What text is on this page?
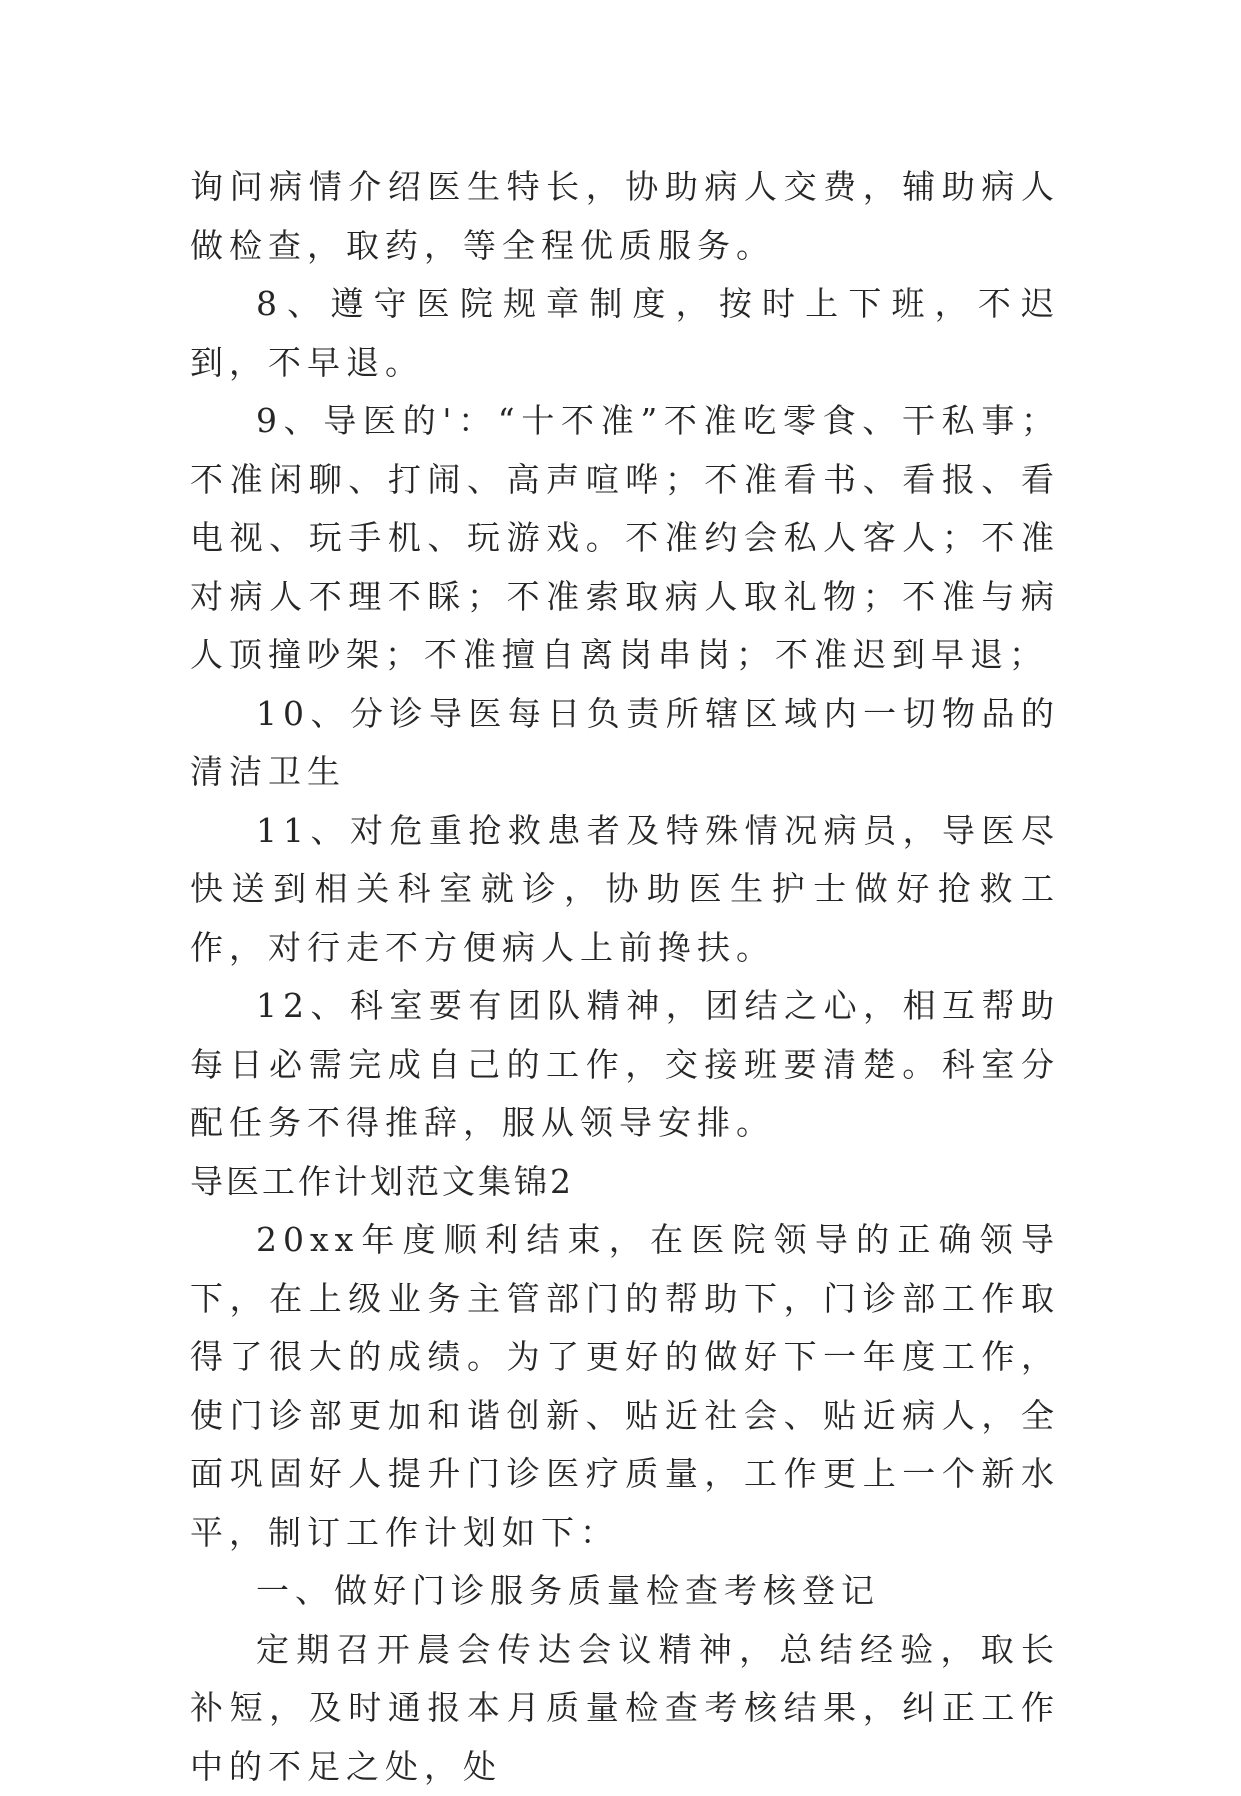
询问病情介绍医生特长，协助病人交费，辅助病人做检查，取药，等全程优质服务。

8、遵守医院规章制度，按时上下班，不迟到，不早退。

9、导医的'：“十不准”不准吃零食、干私事；不准闲聊、打闹、高声喧哗；不准看书、看报、看电视、玩手机、玩游戏。不准约会私人客人；不准对病人不理不睬；不准索取病人取礼物；不准与病人顶撞吵架；不准擅自离岗串岗；不准迟到早退；

10、分诊导医每日负责所辖区域内一切物品的清洁卫生

11、对危重抢救患者及特殊情况病员，导医尽快送到相关科室就诊，协助医生护士做好抢救工作，对行走不方便病人上前搀扶。

12、科室要有团队精神，团结之心，相互帮助每日必需完成自己的工作，交接班要清楚。科室分配任务不得推辞，服从领导安排。

导医工作计划范文集锦2

20xx年度顺利结束，在医院领导的正确领导下，在上级业务主管部门的帮助下，门诊部工作取得了很大的成绩。为了更好的做好下一年度工作，使门诊部更加和谐创新、贴近社会、贴近病人，全面巩固好人提升门诊医疗质量，工作更上一个新水平，制订工作计划如下：

一、做好门诊服务质量检查考核登记

定期召开晨会传达会议精神，总结经验，取长补短，及时通报本月质量检查考核结果，纠正工作中的不足之处，处
